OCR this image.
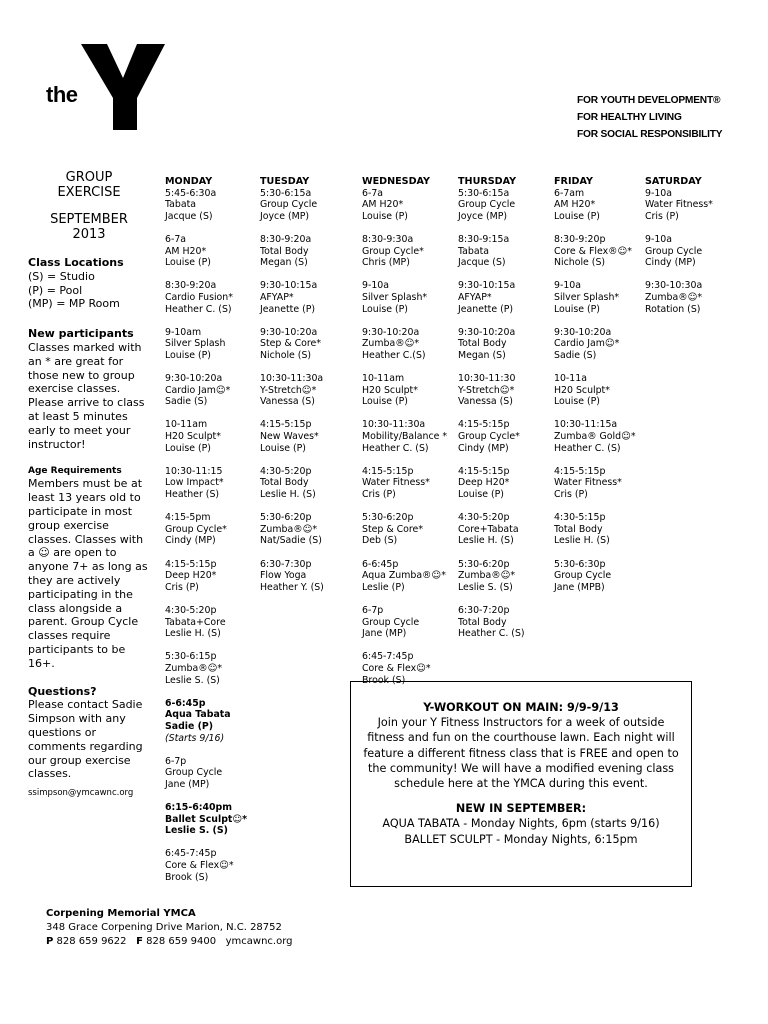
the
YMCA
FOR YOUTH DEVELOPMENT®
FOR HEALTHY LIVING
FOR SOCIAL RESPONSIBILITY
GROUP
EXERCISE
SEPTEMBER
2013
Class Locations
(S) = Studio
(P) = Pool
(MP) = MP Room
New participants
Classes marked with an * are great for those new to group exercise classes. Please arrive to class at least 5 minutes early to meet your instructor!
Age Requirements
Members must be at least 13 years old to participate in most group exercise classes. Classes with a ☺ are open to anyone 7+ as long as they are actively participating in the class alongside a parent. Group Cycle classes require participants to be 16+.
Questions?
Please contact Sadie Simpson with any questions or comments regarding our group exercise classes.
ssimpson@ymcawnc.org
MONDAY
5:45-6:30a
Tabata
Jacque (S)
6-7a
AM H20*
Louise (P)
8:30-9:20a
Cardio Fusion*
Heather C. (S)
9-10am
Silver Splash
Louise (P)
9:30-10:20a
Cardio Jam☺*
Sadie (S)
10-11am
H20 Sculpt*
Louise (P)
10:30-11:15
Low Impact*
Heather (S)
4:15-5pm
Group Cycle*
Cindy (MP)
4:15-5:15p
Deep H20*
Cris (P)
4:30-5:20p
Tabata+Core
Leslie H. (S)
5:30-6:15p
Zumba®☺*
Leslie S. (S)
6-6:45p
Aqua Tabata
Sadie (P)
(Starts 9/16)
6-7p
Group Cycle
Jane (MP)
6:15-6:40pm
Ballet Sculpt☺*
Leslie S. (S)
6:45-7:45p
Core & Flex☺*
Brook (S)
TUESDAY
5:30-6:15a
Group Cycle
Joyce (MP)
8:30-9:20a
Total Body
Megan (S)
9:30-10:15a
AFYAP*
Jeanette (P)
9:30-10:20a
Step & Core*
Nichole (S)
10:30-11:30a
Y-Stretch☺*
Vanessa (S)
4:15-5:15p
New Waves*
Louise (P)
4:30-5:20p
Total Body
Leslie H. (S)
5:30-6:20p
Zumba®☺*
Nat/Sadie (S)
6:30-7:30p
Flow Yoga
Heather Y. (S)
WEDNESDAY
6-7a
AM H20*
Louise (P)
8:30-9:30a
Group Cycle*
Chris (MP)
9-10a
Silver Splash*
Louise (P)
9:30-10:20a
Zumba®☺*
Heather C.(S)
10-11am
H20 Sculpt*
Louise (P)
10:30-11:30a
Mobility/Balance *
Heather C. (S)
4:15-5:15p
Water Fitness*
Cris (P)
5:30-6:20p
Step & Core*
Deb (S)
6-6:45p
Aqua Zumba®☺*
Leslie (P)
6-7p
Group Cycle
Jane (MP)
6:45-7:45p
Core & Flex☺*
Brook (S)
THURSDAY
5:30-6:15a
Group Cycle
Joyce (MP)
8:30-9:15a
Tabata
Jacque (S)
9:30-10:15a
AFYAP*
Jeanette (P)
9:30-10:20a
Total Body
Megan (S)
10:30-11:30
Y-Stretch☺*
Vanessa (S)
4:15-5:15p
Group Cycle*
Cindy (MP)
4:15-5:15p
Deep H20*
Louise (P)
4:30-5:20p
Core+Tabata
Leslie H. (S)
5:30-6:20p
Zumba®☺*
Leslie S. (S)
6:30-7:20p
Total Body
Heather C. (S)
FRIDAY
6-7am
AM H20*
Louise (P)
8:30-9:20p
Core & Flex®☺*
Nichole (S)
9-10a
Silver Splash*
Louise (P)
9:30-10:20a
Cardio Jam☺*
Sadie (S)
10-11a
H20 Sculpt*
Louise (P)
10:30-11:15a
Zumba® Gold☺*
Heather C. (S)
4:15-5:15p
Water Fitness*
Cris (P)
4:30-5:15p
Total Body
Leslie H. (S)
5:30-6:30p
Group Cycle
Jane (MPB)
SATURDAY
9-10a
Water Fitness*
Cris (P)
9-10a
Group Cycle
Cindy (MP)
9:30-10:30a
Zumba®☺*
Rotation (S)
Y-WORKOUT ON MAIN: 9/9-9/13
Join your Y Fitness Instructors for a week of outside
fitness and fun on the courthouse lawn. Each night will
feature a different fitness class that is FREE and open to
the community! We will have a modified evening class
schedule here at the YMCA during this event.
NEW IN SEPTEMBER:
AQUA TABATA - Monday Nights, 6pm (starts 9/16)
BALLET SCULPT - Monday Nights, 6:15pm
Corpening Memorial YMCA
348 Grace Corpening Drive Marion, N.C. 28752
P 828 659 9622 F 828 659 9400 ymcawnc.org
